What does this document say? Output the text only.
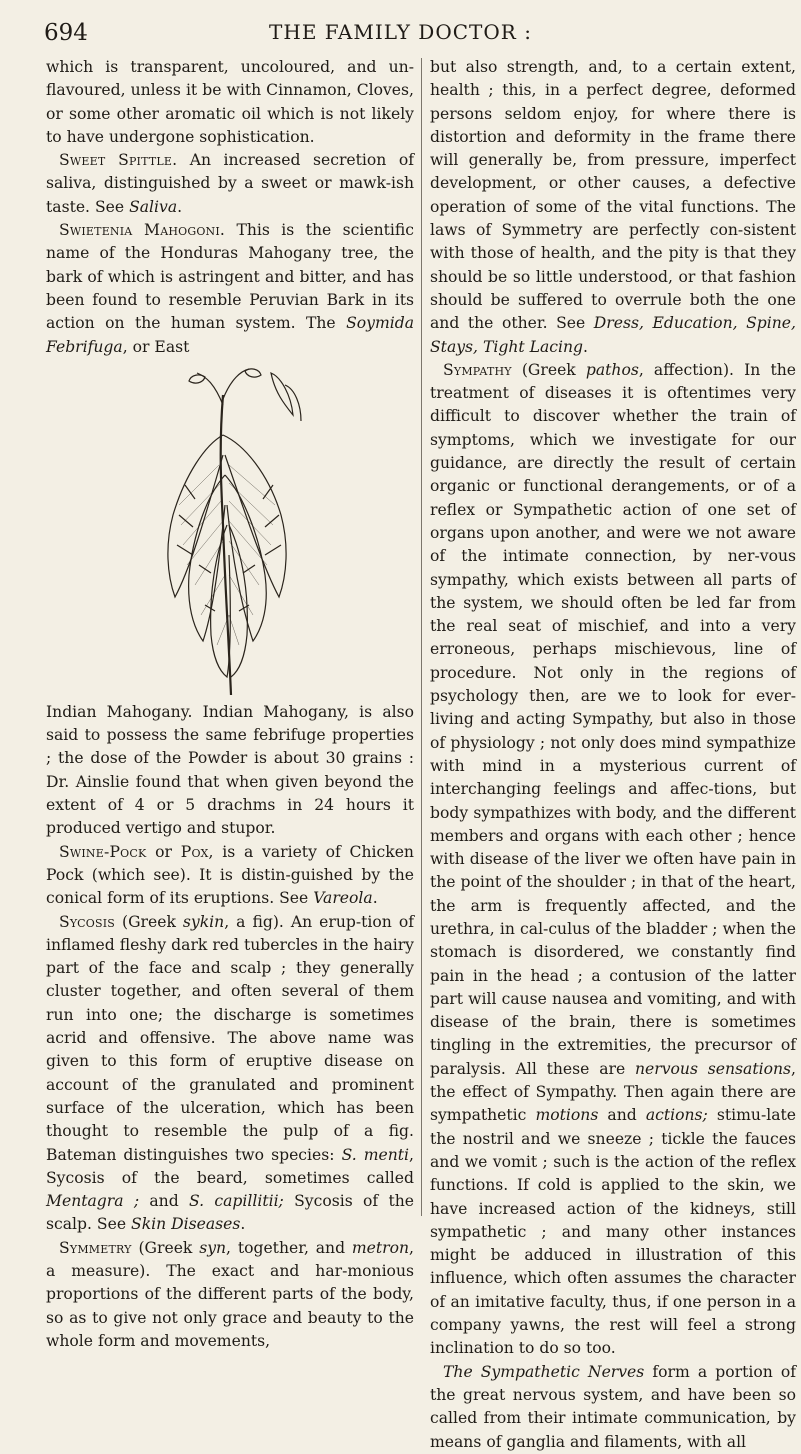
694	THE FAMILY DOCTOR :

which is transparent, uncoloured, and un-flavoured, unless it be with Cinnamon, Cloves, or some other aromatic oil which is not likely to have undergone sophistication.

Sweet Spittle. An increased secretion of saliva, distinguished by a sweet or mawk-ish taste. See Saliva.

Swietenia Mahogoni. This is the scientific name of the Honduras Mahogany tree, the bark of which is astringent and bitter, and has been found to resemble Peruvian Bark in its action on the human system. The Soymida Febrifuga, or East

Indian Mahogany. Indian Mahogany, is also said to possess the same febrifuge properties ; the dose of the Powder is about 30 grains : Dr. Ainslie found that when given beyond the extent of 4 or 5 drachms in 24 hours it produced vertigo and stupor.

Swine-Pock or Pox, is a variety of Chicken Pock (which see). It is distin-guished by the conical form of its eruptions. See Vareola.

Sycosis (Greek sykin, a fig). An erup-tion of inflamed fleshy dark red tubercles in the hairy part of the face and scalp ; they generally cluster together, and often several of them run into one; the discharge is sometimes acrid and offensive. The above name was given to this form of eruptive disease on account of the granulated and prominent surface of the ulceration, which has been thought to resemble the pulp of a fig. Bateman distinguishes two species: S. menti, Sycosis of the beard, sometimes called Mentagra ; and S. capillitii; Sycosis of the scalp. See Skin Diseases.

Symmetry (Greek syn, together, and metron, a measure). The exact and har-monious proportions of the different parts of the body, so as to give not only grace and beauty to the whole form and movements,

but also strength, and, to a certain extent, health ; this, in a perfect degree, deformed persons seldom enjoy, for where there is distortion and deformity in the frame there will generally be, from pressure, imperfect development, or other causes, a defective operation of some of the vital functions. The laws of Symmetry are perfectly con-sistent with those of health, and the pity is that they should be so little understood, or that fashion should be suffered to overrule both the one and the other. See Dress, Education, Spine, Stays, Tight Lacing.

Sympathy (Greek pathos, affection). In the treatment of diseases it is oftentimes very difficult to discover whether the train of symptoms, which we investigate for our guidance, are directly the result of certain organic or functional derangements, or of a reflex or Sympathetic action of one set of organs upon another, and were we not aware of the intimate connection, by ner-vous sympathy, which exists between all parts of the system, we should often be led far from the real seat of mischief, and into a very erroneous, perhaps mischievous, line of procedure. Not only in the regions of psychology then, are we to look for ever-living and acting Sympathy, but also in those of physiology ; not only does mind sympathize with mind in a mysterious current of interchanging feelings and affec-tions, but body sympathizes with body, and the different members and organs with each other ; hence with disease of the liver we often have pain in the point of the shoulder ; in that of the heart, the arm is frequently affected, and the urethra, in cal-culus of the bladder ; when the stomach is disordered, we constantly find pain in the head ; a contusion of the latter part will cause nausea and vomiting, and with disease of the brain, there is sometimes tingling in the extremities, the precursor of paralysis. All these are nervous sensations, the effect of Sympathy. Then again there are sympathetic motions and actions; stimu-late the nostril and we sneeze ; tickle the fauces and we vomit ; such is the action of the reflex functions. If cold is applied to the skin, we have increased action of the kidneys, still sympathetic ; and many other instances might be adduced in illustration of this influence, which often assumes the character of an imitative faculty, thus, if one person in a company yawns, the rest will feel a strong inclination to do so too.

The Sympathetic Nerves form a portion of the great nervous system, and have been so called from their intimate communication, by means of ganglia and filaments, with all
